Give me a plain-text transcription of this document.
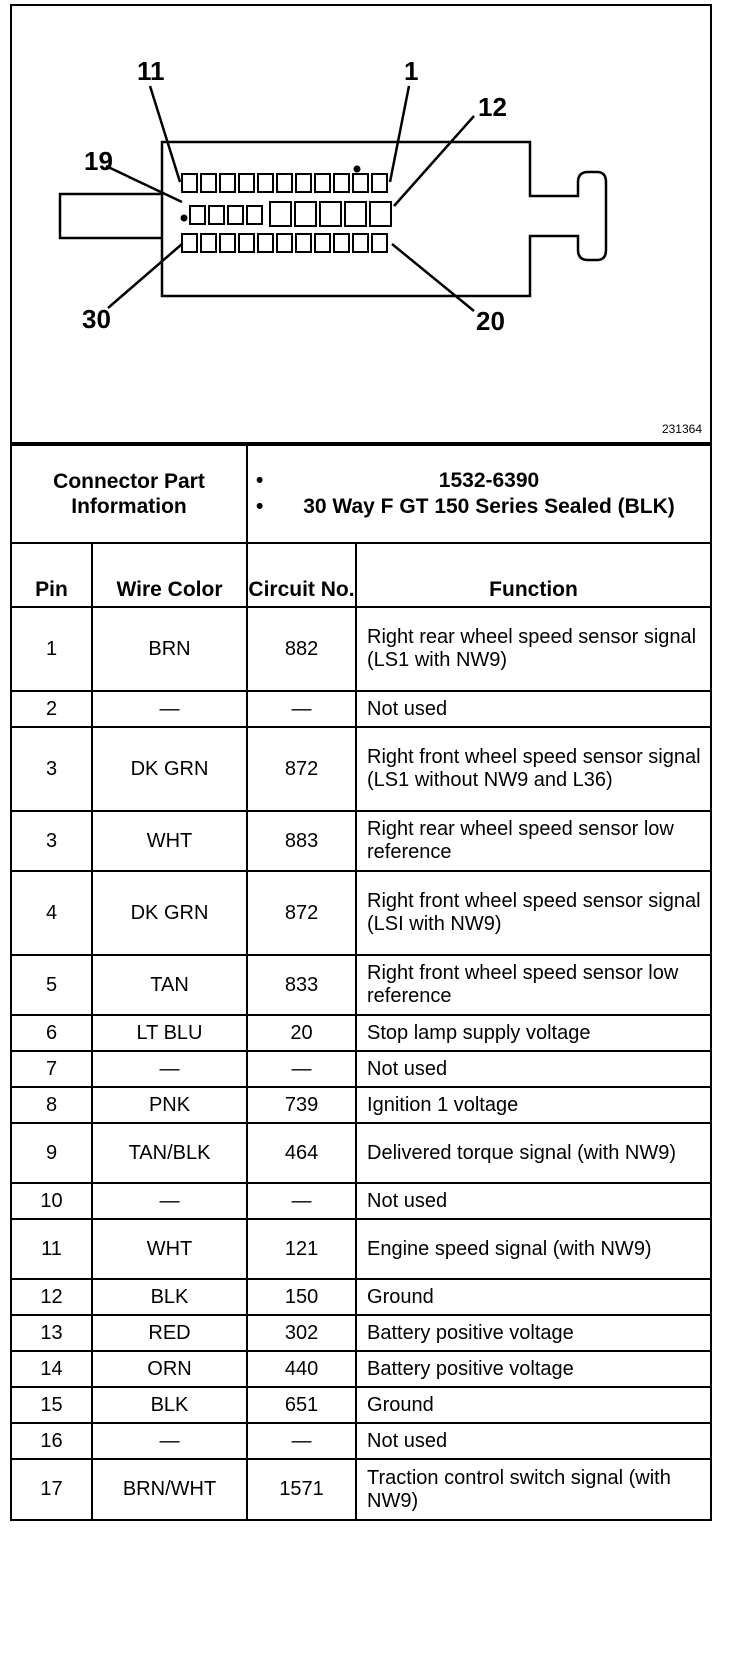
11	1
12
19
30	20
231364
Connector Part Information		• 1532-6390
• 30 Way F GT 150 Series Sealed (BLK)

Pin	Wire Color	Circuit No.	Function
1	BRN	882	Right rear wheel speed sensor signal (LS1 with NW9)
2	—	—	Not used
3	DK GRN	872	Right front wheel speed sensor signal (LS1 without NW9 and L36)
3	WHT	883	Right rear wheel speed sensor low reference
4	DK GRN	872	Right front wheel speed sensor signal (LSI with NW9)
5	TAN	833	Right front wheel speed sensor low reference
6	LT BLU	20	Stop lamp supply voltage
7	—	—	Not used
8	PNK	739	Ignition 1 voltage
9	TAN/BLK	464	Delivered torque signal (with NW9)
10	—	—	Not used
11	WHT	121	Engine speed signal (with NW9)
12	BLK	150	Ground
13	RED	302	Battery positive voltage
14	ORN	440	Battery positive voltage
15	BLK	651	Ground
16	—	—	Not used
17	BRN/WHT	1571	Traction control switch signal (with NW9)
